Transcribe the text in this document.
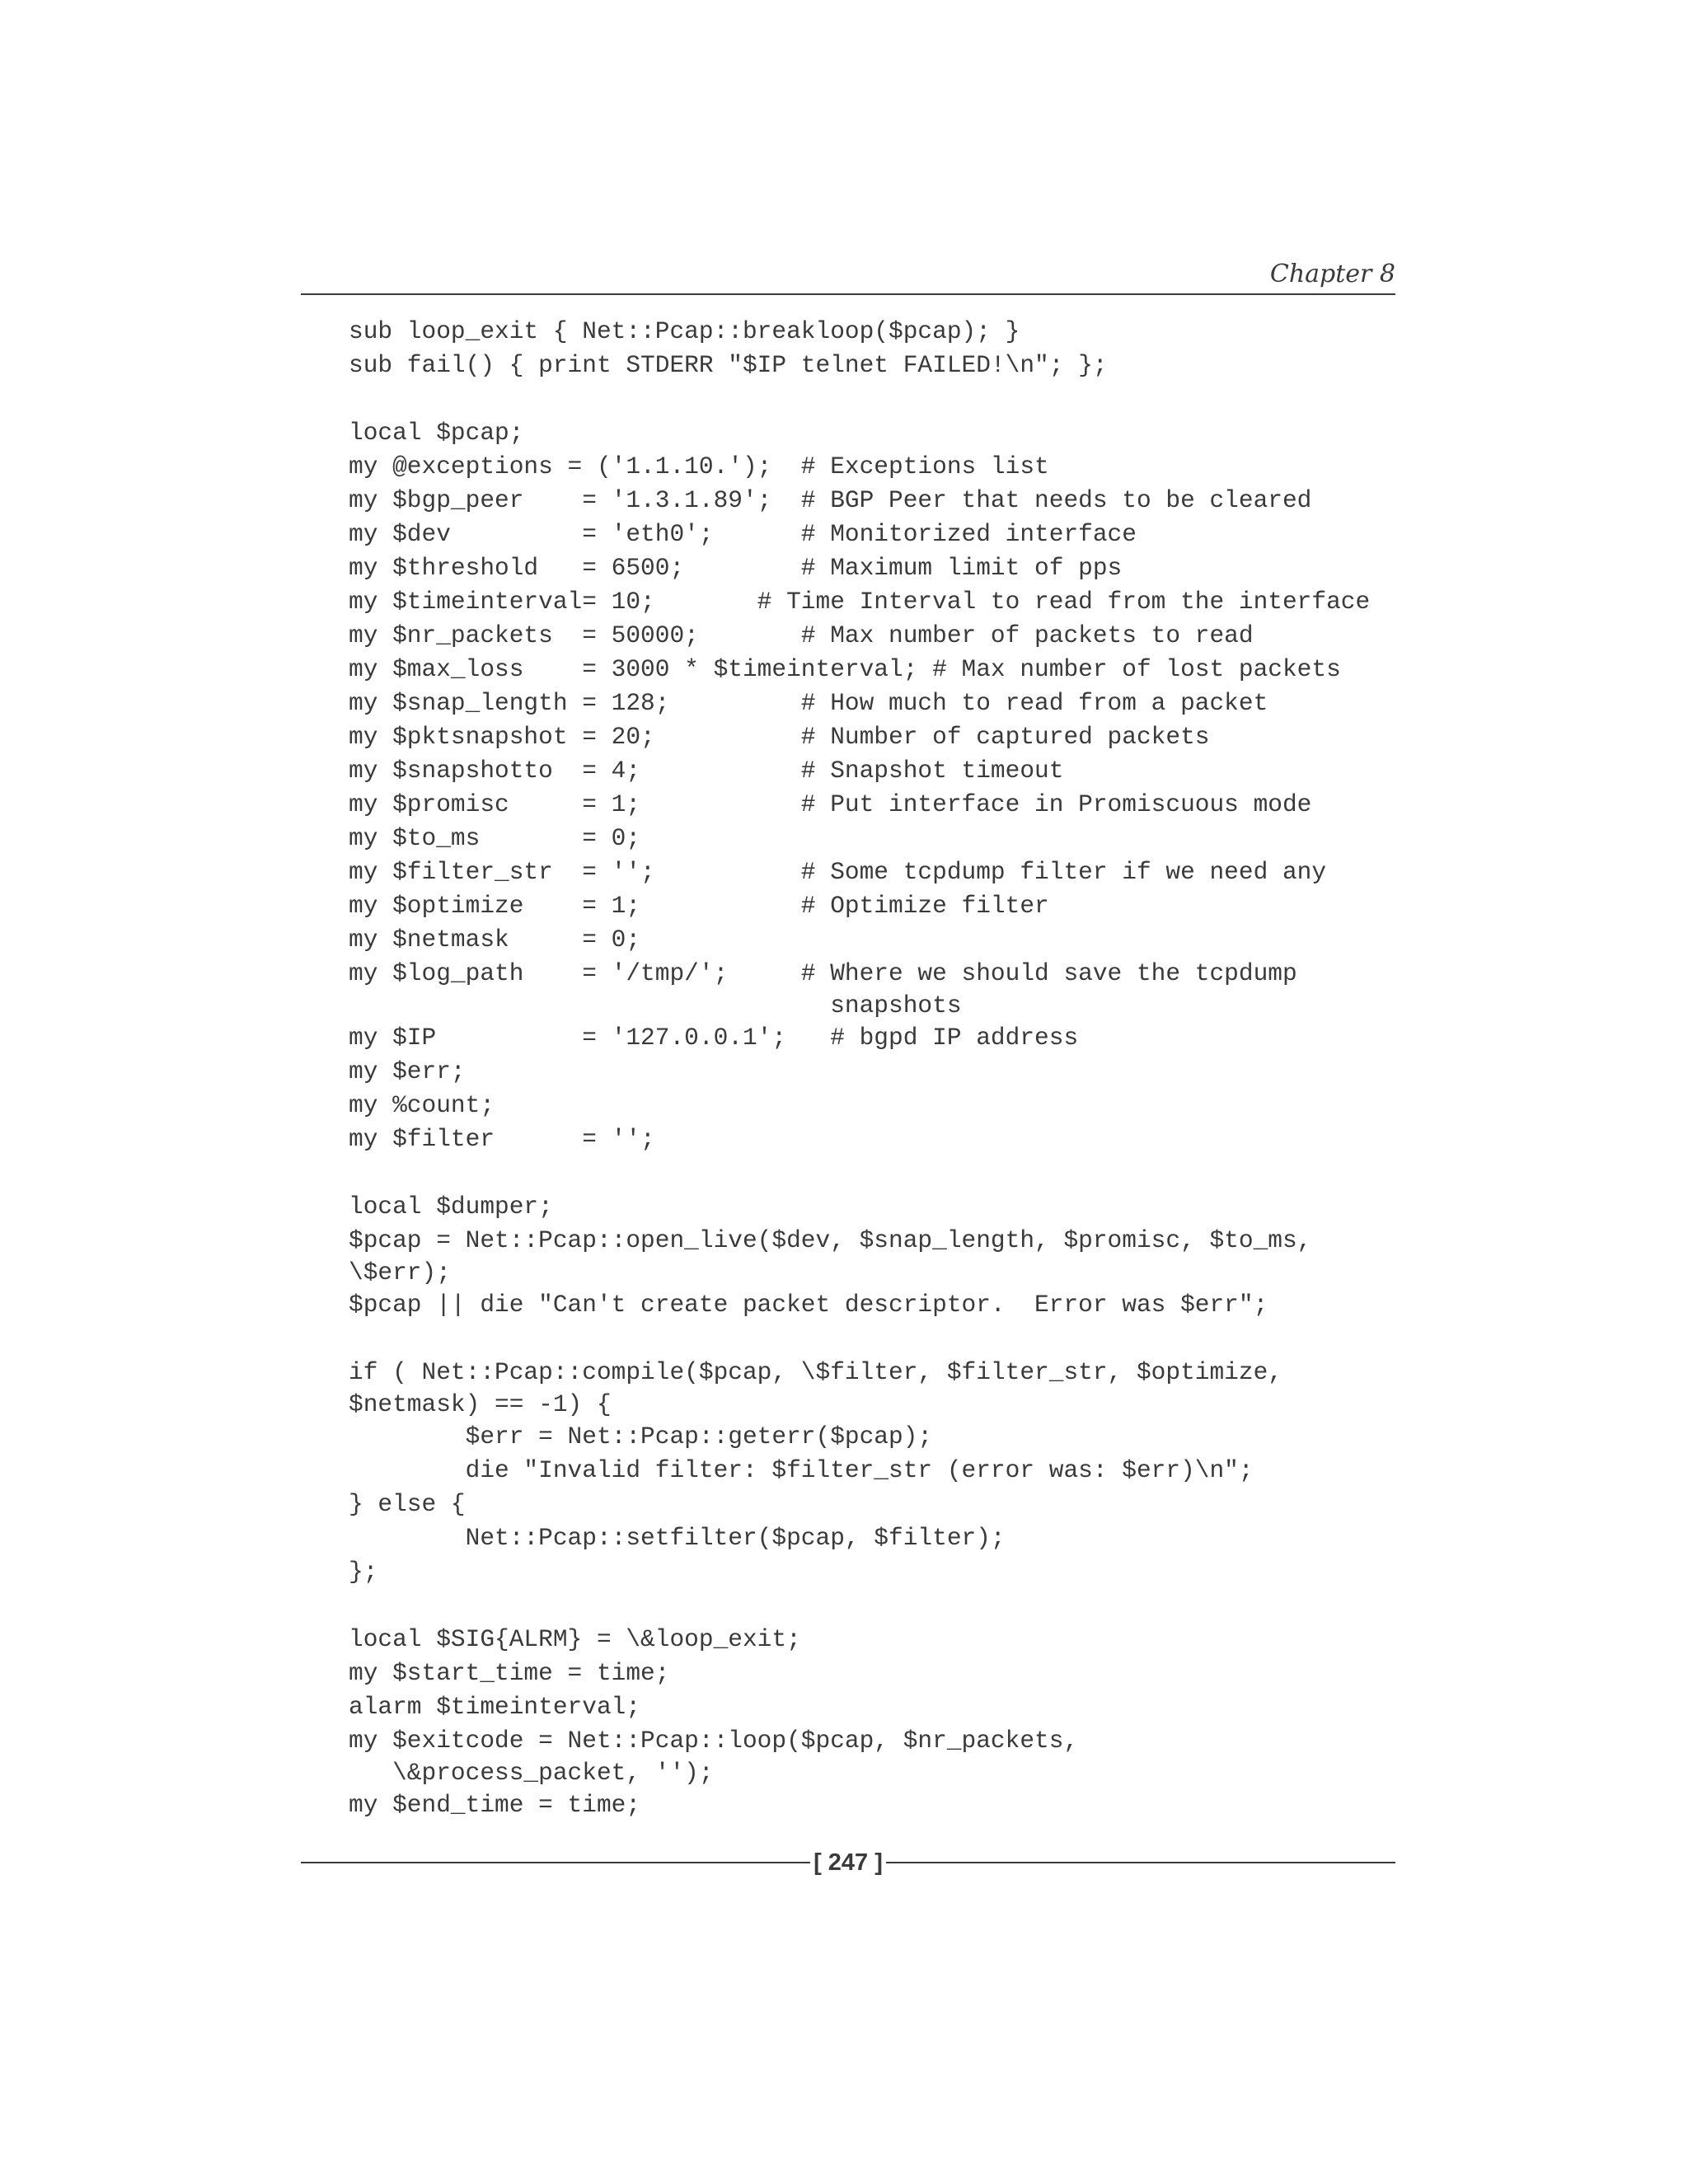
Chapter 8
sub loop_exit { Net::Pcap::breakloop($pcap); }
sub fail() { print STDERR "$IP telnet FAILED!\n"; };
local $pcap;
my @exceptions = ('1.1.10.');  # Exceptions list
my $bgp_peer    = '1.3.1.89';  # BGP Peer that needs to be cleared
my $dev         = 'eth0';      # Monitorized interface
my $threshold   = 6500;        # Maximum limit of pps
my $timeinterval= 10;       # Time Interval to read from the interface
my $nr_packets  = 50000;       # Max number of packets to read
my $max_loss    = 3000 * $timeinterval; # Max number of lost packets
my $snap_length = 128;         # How much to read from a packet
my $pktsnapshot = 20;          # Number of captured packets
my $snapshotto  = 4;           # Snapshot timeout
my $promisc     = 1;           # Put interface in Promiscuous mode
my $to_ms       = 0;
my $filter_str  = '';          # Some tcpdump filter if we need any
my $optimize    = 1;           # Optimize filter
my $netmask     = 0;
my $log_path    = '/tmp/';     # Where we should save the tcpdump
snapshots
my $IP          = '127.0.0.1';   # bgpd IP address
my $err;
my %count;
my $filter      = '';
local $dumper;
$pcap = Net::Pcap::open_live($dev, $snap_length, $promisc, $to_ms,
\$err);
$pcap || die "Can't create packet descriptor.  Error was $err";
if ( Net::Pcap::compile($pcap, \$filter, $filter_str, $optimize,
$netmask) == -1) {
$err = Net::Pcap::geterr($pcap);
die "Invalid filter: $filter_str (error was: $err)\n";
} else {
Net::Pcap::setfilter($pcap, $filter);
};
local $SIG{ALRM} = \&loop_exit;
my $start_time = time;
alarm $timeinterval;
my $exitcode = Net::Pcap::loop($pcap, $nr_packets,
\&process_packet, '');
my $end_time = time;
[ 247 ]
